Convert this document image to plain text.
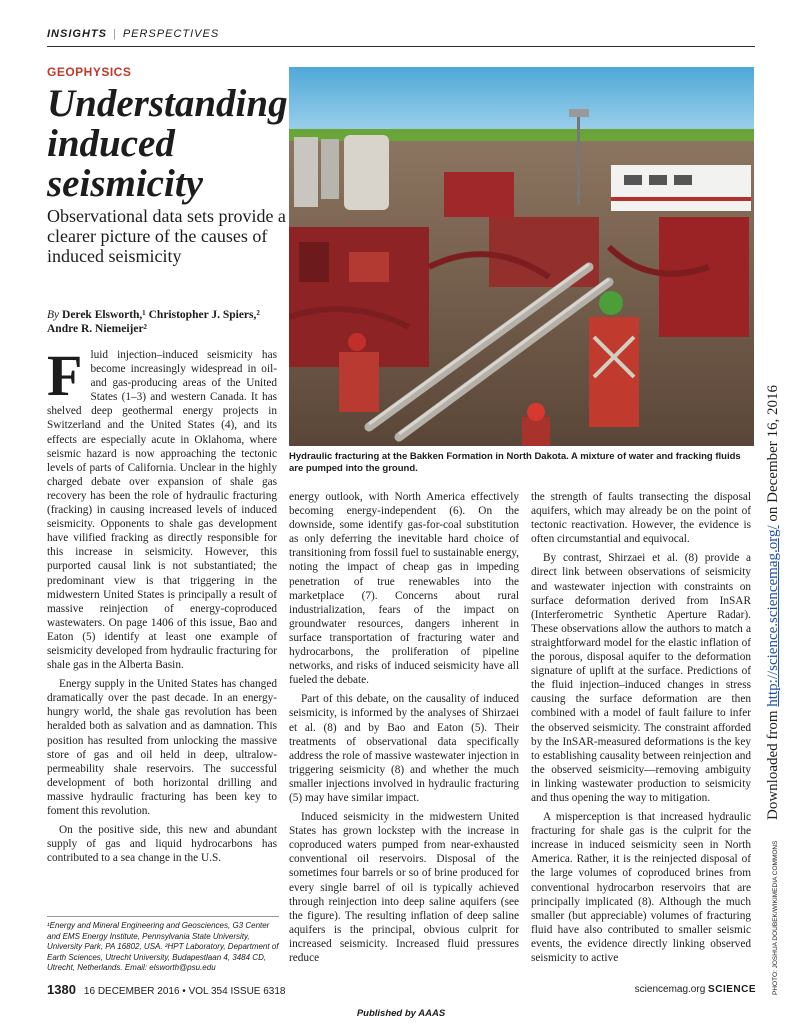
INSIGHTS | PERSPECTIVES
GEOPHYSICS
Understanding induced seismicity
Observational data sets provide a clearer picture of the causes of induced seismicity
By Derek Elsworth,¹ Christopher J. Spiers,² Andre R. Niemeijer²

Fluid injection–induced seismicity has become increasingly widespread in oil- and gas-producing areas of the United States (1–3) and western Canada. It has shelved deep geothermal energy projects in Switzerland and the United States (4), and its effects are especially acute in Oklahoma, where seismic hazard is now approaching the tectonic levels of parts of California. Unclear in the highly charged debate over expansion of shale gas recovery has been the role of hydraulic fracturing (fracking) in causing increased levels of induced seismicity. Opponents to shale gas development have vilified fracking as directly responsible for this increase in seismicity. However, this purported causal link is not substantiated; the predominant view is that triggering in the midwestern United States is principally a result of massive reinjection of energy-coproduced wastewaters. On page 1406 of this issue, Bao and Eaton (5) identify at least one example of seismicity developed from hydraulic fracturing for shale gas in the Alberta Basin.

Energy supply in the United States has changed dramatically over the past decade. In an energy-hungry world, the shale gas revolution has been heralded both as salvation and as damnation. This position has resulted from unlocking the massive store of gas and oil held in deep, ultralow-permeability shale reservoirs. The successful development of both horizontal drilling and massive hydraulic fracturing has been key to foment this revolution.

On the positive side, this new and abundant supply of gas and liquid hydrocarbons has contributed to a sea change in the U.S.

¹Energy and Mineral Engineering and Geosciences, G3 Center and EMS Energy Institute, Pennsylvania State University, University Park, PA 16802, USA. ²HPT Laboratory, Department of Earth Sciences, Utrecht University, Budapestlaan 4, 3484 CD, Utrecht, Netherlands. Email: elsworth@psu.edu
Hydraulic fracturing at the Bakken Formation in North Dakota. A mixture of water and fracking fluids are pumped into the ground.

energy outlook, with North America effectively becoming energy-independent (6). On the downside, some identify gas-for-coal substitution as only deferring the inevitable hard choice of transitioning from fossil fuel to sustainable energy, noting the impact of cheap gas in impeding penetration of true renewables into the marketplace (7). Concerns about rural industrialization, fears of the impact on groundwater resources, dangers inherent in surface transportation of fracturing water and hydrocarbons, the proliferation of pipeline networks, and risks of induced seismicity have all fueled the debate.

Part of this debate, on the causality of induced seismicity, is informed by the analyses of Shirzaei et al. (8) and by Bao and Eaton (5). Their treatments of observational data specifically address the role of massive wastewater injection in triggering seismicity (8) and whether the much smaller injections involved in hydraulic fracturing (5) may have similar impact.

Induced seismicity in the midwestern United States has grown lockstep with the increase in coproduced waters pumped from near-exhausted conventional oil reservoirs. Disposal of the sometimes four barrels or so of brine produced for every single barrel of oil is typically achieved through reinjection into deep saline aquifers (see the figure). The resulting inflation of deep saline aquifers is the principal, obvious culprit for increased seismicity. Increased fluid pressures reduce

the strength of faults transecting the disposal aquifers, which may already be on the point of tectonic reactivation. However, the evidence is often circumstantial and equivocal.

By contrast, Shirzaei et al. (8) provide a direct link between observations of seismicity and wastewater injection with constraints on surface deformation derived from InSAR (Interferometric Synthetic Aperture Radar). These observations allow the authors to match a straightforward model for the elastic inflation of the porous, disposal aquifer to the deformation signature of uplift at the surface. Predictions of the fluid injection–induced changes in stress causing the surface deformation are then combined with a model of fault failure to infer the observed seismicity. The constraint afforded by the InSAR-measured deformations is the key to establishing causality between reinjection and the observed seismicity—removing ambiguity in linking wastewater production to seismicity and thus opening the way to mitigation.

A misperception is that increased hydraulic fracturing for shale gas is the culprit for the increase in induced seismicity seen in North America. Rather, it is the reinjected disposal of the large volumes of coproduced brines from conventional hydrocarbon reservoirs that are principally implicated (8). Although the much smaller (but appreciable) volumes of fracturing fluid have also contributed to smaller seismic events, the evidence directly linking observed seismicity to active

Downloaded from http://science.sciencemag.org/ on December 16, 2016
PHOTO: JOSHUA DOUBEK/WIKIMEDIA COMMONS
1380 16 DECEMBER 2016 • VOL 354 ISSUE 6318	sciencemag.org SCIENCE
Published by AAAS
